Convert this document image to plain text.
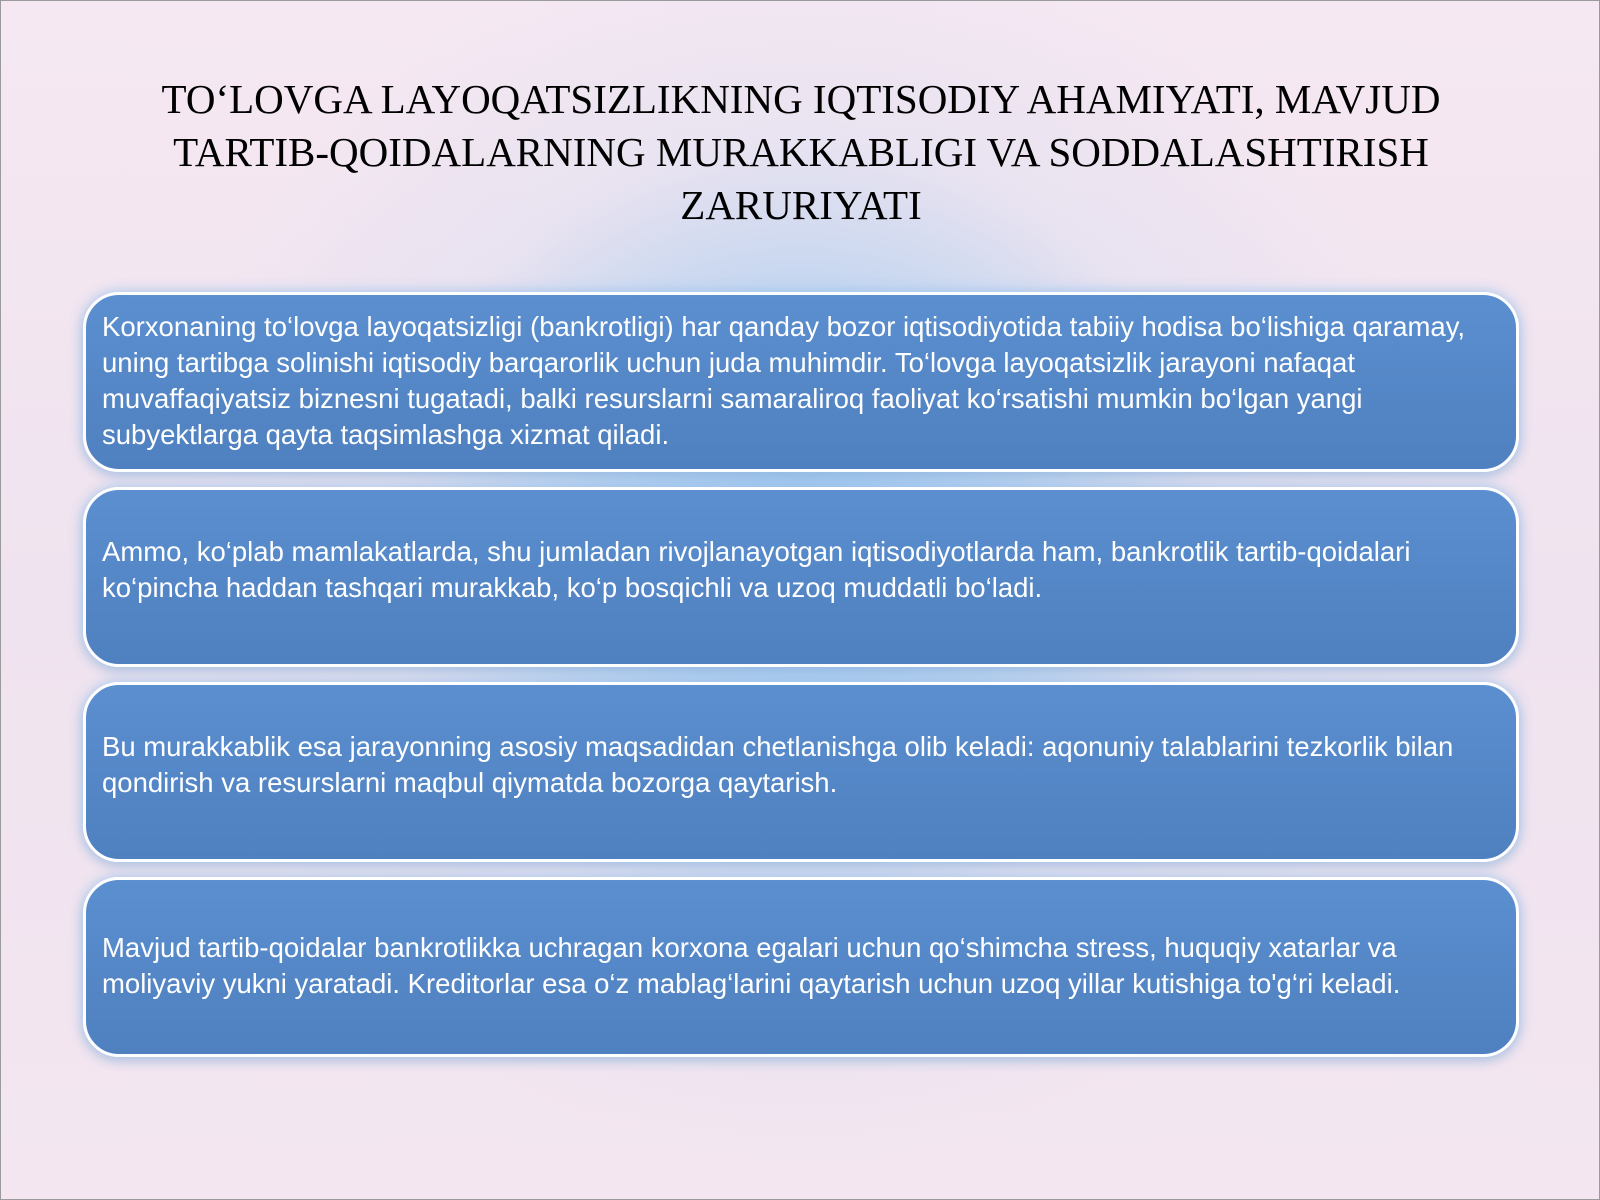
TO‘LOVGA LAYOQATSIZLIKNING IQTISODIY AHAMIYATI, MAVJUD TARTIB-QOIDALARNING MURAKKABLIGI VA SODDALASHTIRISH ZARURIYATI
Korxonaning to‘lovga layoqatsizligi (bankrotligi) har qanday bozor iqtisodiyotida tabiiy hodisa bo‘lishiga qaramay, uning tartibga solinishi iqtisodiy barqarorlik uchun juda muhimdir. To‘lovga layoqatsizlik jarayoni nafaqat muvaffaqiyatsiz biznesni tugatadi, balki resurslarni samaraliroq faoliyat ko‘rsatishi mumkin bo‘lgan yangi subyektlarga qayta taqsimlashga xizmat qiladi.
Ammo, ko‘plab mamlakatlarda, shu jumladan rivojlanayotgan iqtisodiyotlarda ham, bankrotlik tartib-qoidalari ko‘pincha haddan tashqari murakkab, ko‘p bosqichli va uzoq muddatli bo‘ladi.
Bu murakkablik esa jarayonning asosiy maqsadidan chetlanishga olib keladi: aqonuniy talablarini tezkorlik bilan qondirish va resurslarni maqbul qiymatda bozorga qaytarish.
Mavjud tartib-qoidalar bankrotlikka uchragan korxona egalari uchun qo‘shimcha stress, huquqiy xatarlar va moliyaviy yukni yaratadi. Kreditorlar esa o‘z mablag‘larini qaytarish uchun uzoq yillar kutishiga to'g‘ri keladi.
